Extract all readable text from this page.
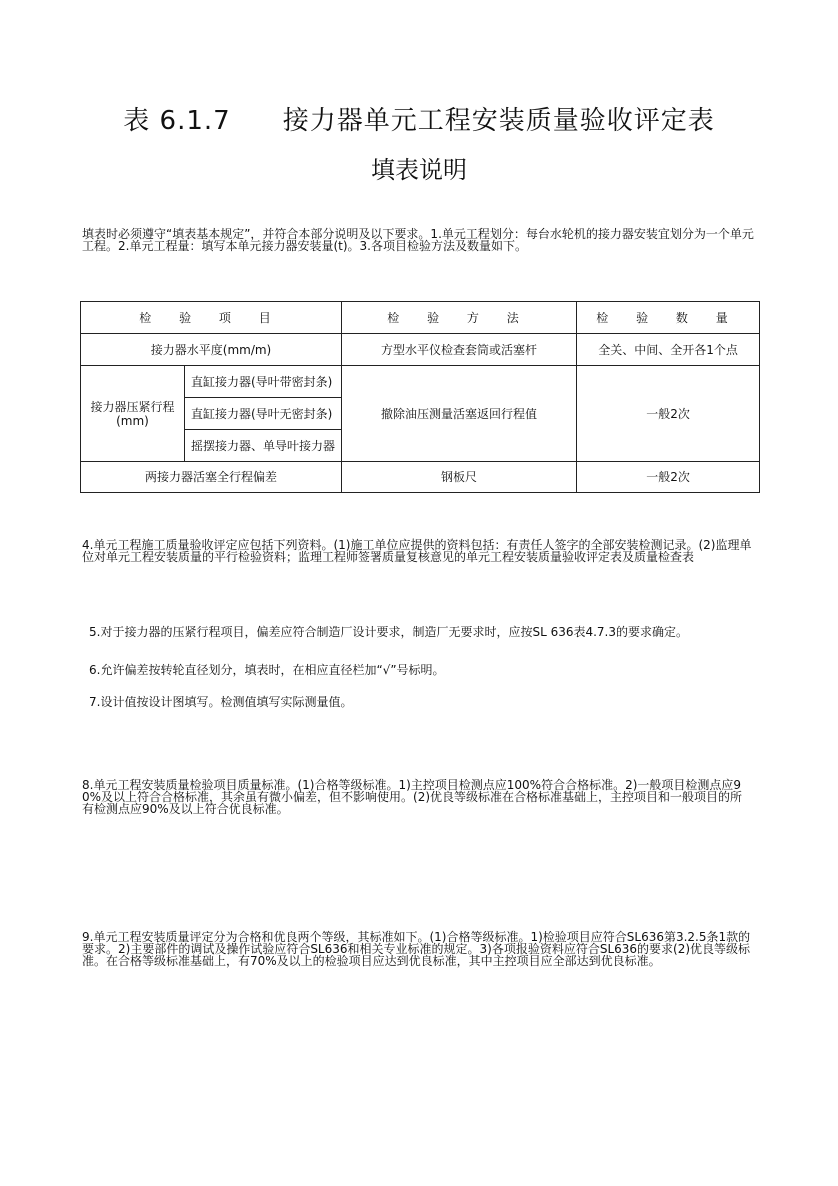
表 6.1.7 接力器单元工程安装质量验收评定表
填表说明
填表时必须遵守“填表基本规定”，并符合本部分说明及以下要求。1.单元工程划分：每台水轮机的接力器安装宜划分为一个单元工程。2.单元工程量：填写本单元接力器安装量(t)。3.各项目检验方法及数量如下。
检 验 项 目		检 验 方 法	检 验 数 量
接力器水平度(mm/m)		方型水平仪检查套筒或活塞杆	全关、中间、全开各1个点
接力器压紧行程(mm)	直缸接力器(导叶带密封条)	撤除油压测量活塞返回行程值	一般2次
	直缸接力器(导叶无密封条)		
	摇摆接力器、单导叶接力器		
两接力器活塞全行程偏差		钢板尺	一般2次
4.单元工程施工质量验收评定应包括下列资料。(1)施工单位应提供的资料包括：有责任人签字的全部安装检测记录。(2)监理单位对单元工程安装质量的平行检验资料；监理工程师签署质量复核意见的单元工程安装质量验收评定表及质量检查表
5.对于接力器的压紧行程项目，偏差应符合制造厂设计要求，制造厂无要求时，应按SL 636表4.7.3的要求确定。
6.允许偏差按转轮直径划分，填表时，在相应直径栏加“√”号标明。
7.设计值按设计图填写。检测值填写实际测量值。
8.单元工程安装质量检验项目质量标准。(1)合格等级标准。1)主控项目检测点应100%符合合格标准。2)一般项目检测点应90%及以上符合合格标准，其余虽有微小偏差，但不影响使用。(2)优良等级标准在合格标准基础上，主控项目和一般项目的所有检测点应90%及以上符合优良标准。
9.单元工程安装质量评定分为合格和优良两个等级，其标准如下。(1)合格等级标准。1)检验项目应符合SL636第3.2.5条1款的要求。2)主要部件的调试及操作试验应符合SL636和相关专业标准的规定。3)各项报验资料应符合SL636的要求(2)优良等级标准。在合格等级标准基础上，有70%及以上的检验项目应达到优良标准，其中主控项目应全部达到优良标准。
